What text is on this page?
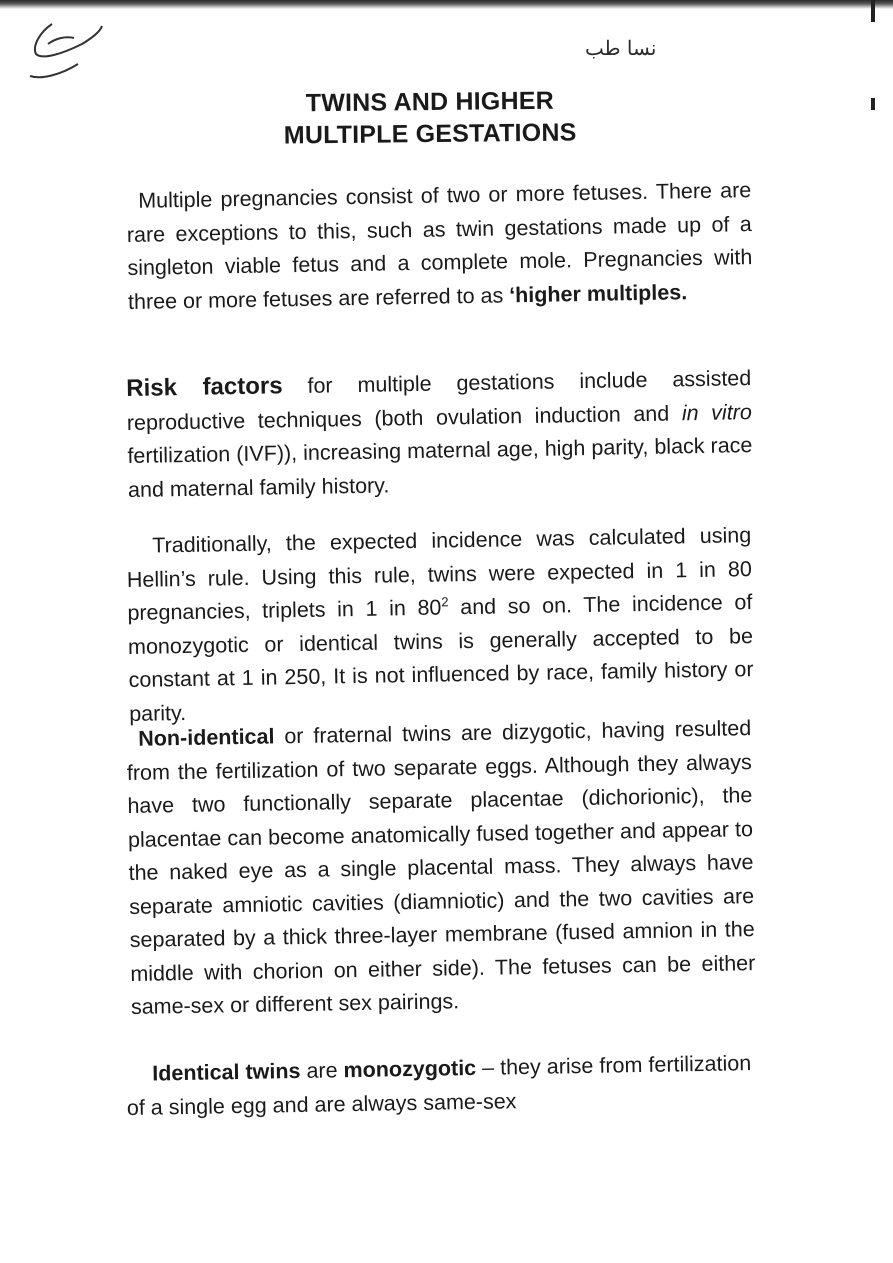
نسا طب
TWINS AND HIGHER
MULTIPLE GESTATIONS
Multiple pregnancies consist of two or more fetuses. There are rare exceptions to this, such as twin gestations made up of a singleton viable fetus and a complete mole. Pregnancies with three or more fetuses are referred to as ‘higher multiples.
Risk factors for multiple gestations include assisted reproductive techniques (both ovulation induction and in vitro fertilization (IVF)), increasing maternal age, high parity, black race and maternal family history.
Traditionally, the expected incidence was calculated using Hellin’s rule. Using this rule, twins were expected in 1 in 80 pregnancies, triplets in 1 in $80^2$ and so on. The incidence of monozygotic or identical twins is generally accepted to be constant at 1 in 250, It is not influenced by race, family history or parity.
Non-identical or fraternal twins are dizygotic, having resulted from the fertilization of two separate eggs. Although they always have two functionally separate placentae (dichorionic), the placentae can become anatomically fused together and appear to the naked eye as a single placental mass. They always have separate amniotic cavities (diamniotic) and the two cavities are separated by a thick three-layer membrane (fused amnion in the middle with chorion on either side). The fetuses can be either same-sex or different sex pairings.
Identical twins are monozygotic – they arise from fertilization of a single egg and are always same-sex
